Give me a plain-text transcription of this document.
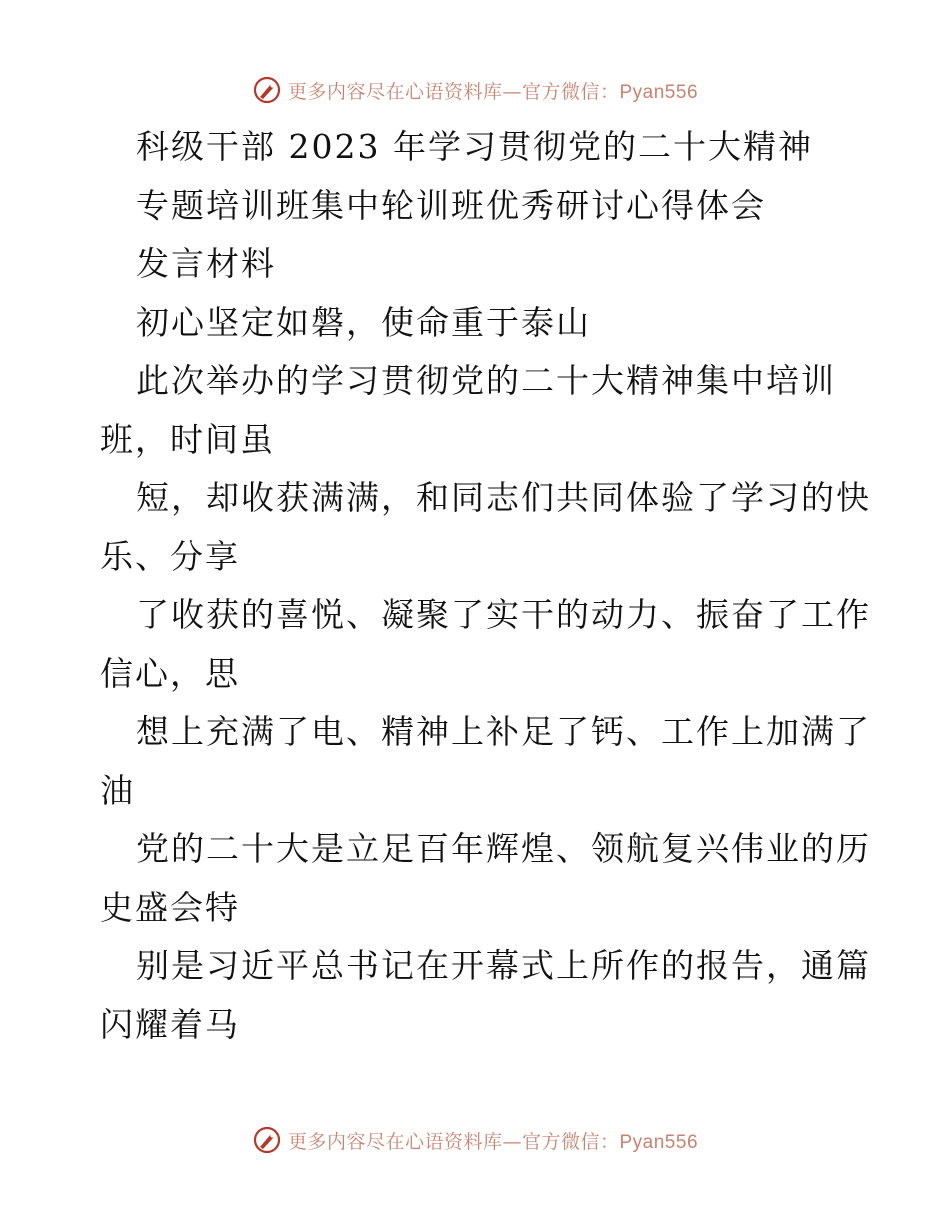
更多内容尽在心语资料库—官方微信：Pyan556
科级干部 2023 年学习贯彻党的二十大精神
专题培训班集中轮训班优秀研讨心得体会
发言材料
初心坚定如磐，使命重于泰山
此次举办的学习贯彻党的二十大精神集中培训
班，时间虽
短，却收获满满，和同志们共同体验了学习的快
乐、分享
了收获的喜悦、凝聚了实干的动力、振奋了工作
信心，思
想上充满了电、精神上补足了钙、工作上加满了
油
党的二十大是立足百年辉煌、领航复兴伟业的历
史盛会特
别是习近平总书记在开幕式上所作的报告，通篇
闪耀着马
更多内容尽在心语资料库—官方微信：Pyan556
